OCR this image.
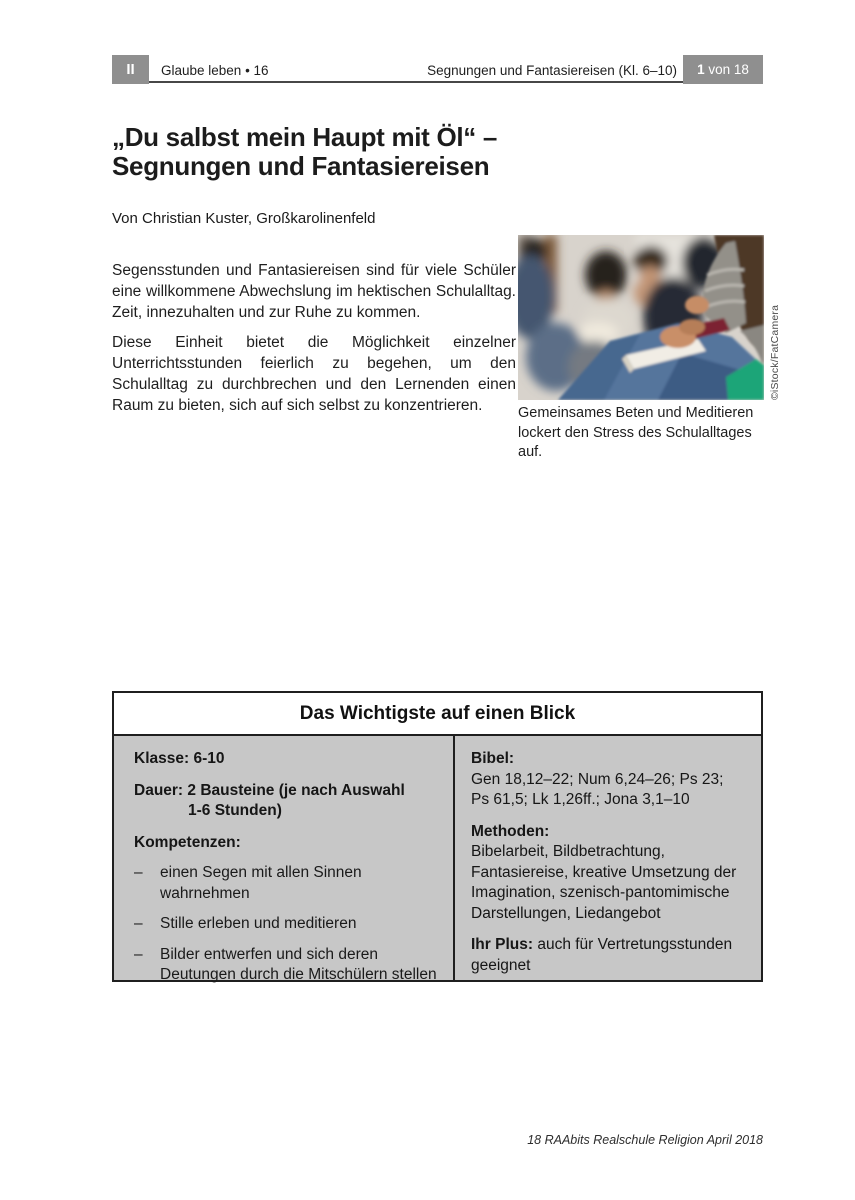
II	Glaube leben • 16	Segnungen und Fantasiereisen (Kl. 6–10)	1 von 18
„Du salbst mein Haupt mit Öl“ –
Segnungen und Fantasiereisen
Von Christian Kuster, Großkarolinenfeld

Segensstunden und Fantasiereisen sind für viele Schüler eine willkommene Abwechslung im hektischen Schulalltag. Zeit, innezuhalten und zur Ruhe zu kommen.

Diese Einheit bietet die Möglichkeit einzelner Unterrichtsstunden feierlich zu begehen, um den Schulalltag zu durchbrechen und den Lernenden einen Raum zu bieten, sich auf sich selbst zu konzentrieren.

©iStock/FatCamera
Gemeinsames Beten und Meditieren
lockert den Stress des Schulalltages auf.
Das Wichtigste auf einen Blick

Klasse: 6-10

Dauer: 2 Bausteine (je nach Auswahl

1-6 Stunden)

Kompetenzen:

–	einen Segen mit allen Sinnen wahrnehmen
–	Stille erleben und meditieren
–	Bilder entwerfen und sich deren Deutungen durch die Mitschülern stellen

Bibel:

Gen 18,12–22; Num 6,24–26; Ps 23;

Ps 61,5; Lk 1,26ff.; Jona 3,1–10

Methoden:

Bibelarbeit, Bildbetrachtung, Fantasiereise, kreative Umsetzung der Imagination, szenisch-pantomimische Darstellungen, Liedangebot

Ihr Plus: auch für Vertretungsstunden geeignet

18 RAAbits Realschule Religion April 2018
